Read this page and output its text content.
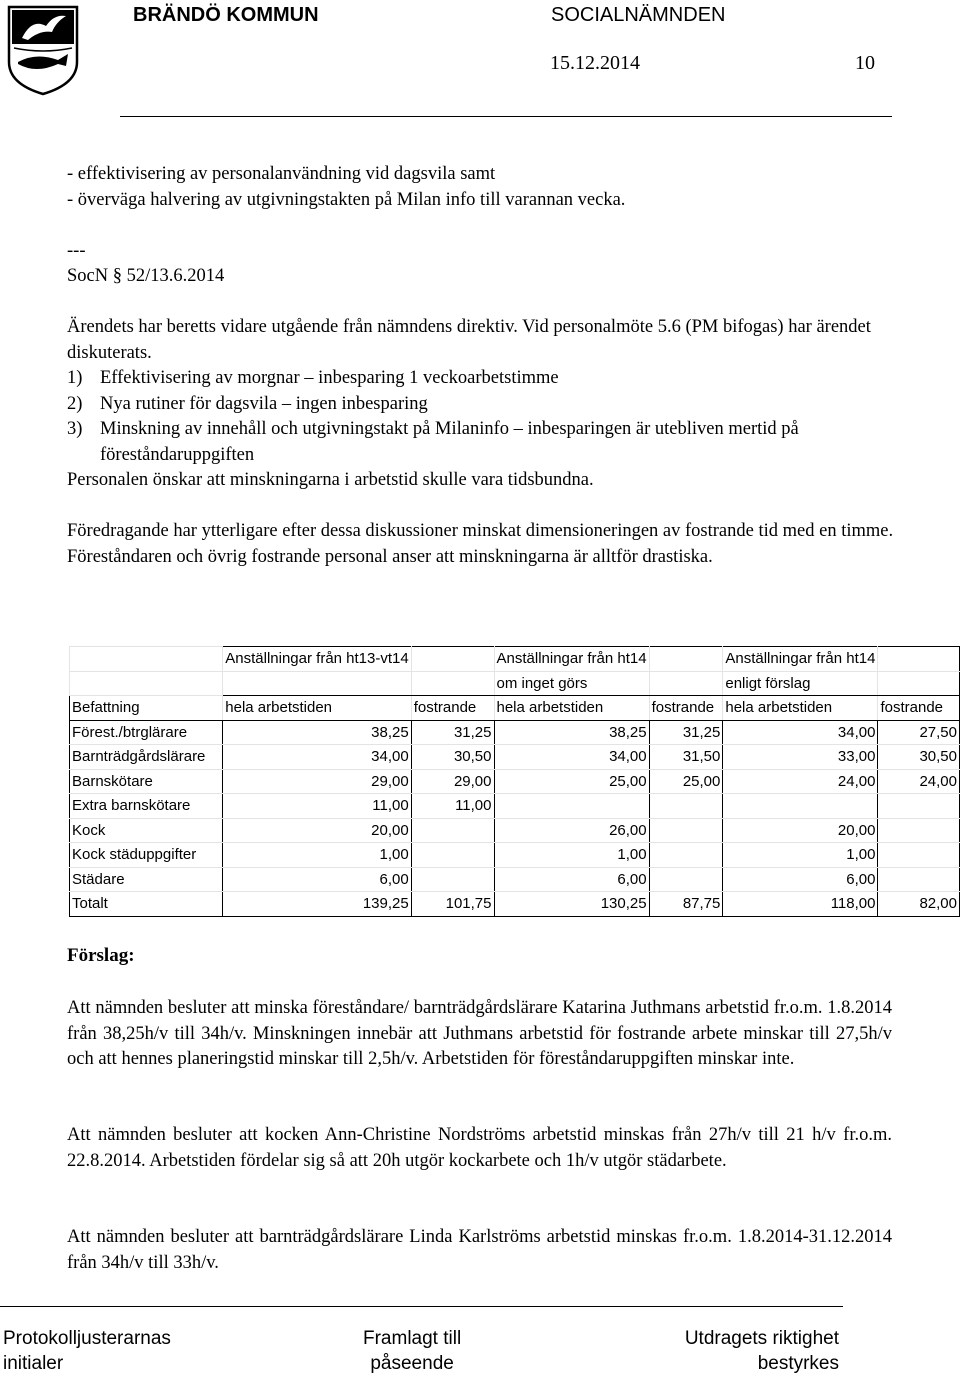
BRÄNDÖ KOMMUN	SOCIALNÄMNDEN
15.12.2014	10
- effektivisering av personalanvändning vid dagsvila samt
- överväga halvering av utgivningstakten på Milan info till varannan vecka.
---
SocN § 52/13.6.2014
Ärendets har beretts vidare utgående från nämndens direktiv. Vid personalmöte 5.6 (PM bifogas) har ärendet diskuterats.
1) Effektivisering av morgnar – inbesparing 1 veckoarbetstimme
2) Nya rutiner för dagsvila – ingen inbesparing
3) Minskning av innehåll och utgivningstakt på Milaninfo – inbesparingen är utebliven mertid på föreståndaruppgiften
Personalen önskar att minskningarna i arbetstid skulle vara tidsbundna.
Föredragande har ytterligare efter dessa diskussioner minskat dimensioneringen av fostrande tid med en timme. Föreståndaren och övrig fostrande personal anser att minskningarna är alltför drastiska.
	Anställningar från ht13-vt14		Anställningar från ht14		Anställningar från ht14	
			om inget görs		enligt förslag	
Befattning	hela arbetstiden	fostrande	hela arbetstiden	fostrande	hela arbetstiden	fostrande
Förest./btrglärare	38,25	31,25	38,25	31,25	34,00	27,50
Barnträdgårdslärare	34,00	30,50	34,00	31,50	33,00	30,50
Barnskötare	29,00	29,00	25,00	25,00	24,00	24,00
Extra barnskötare	11,00	11,00				
Kock	20,00		26,00		20,00	
Kock städuppgifter	1,00		1,00		1,00	
Städare	6,00		6,00		6,00	
Totalt	139,25	101,75	130,25	87,75	118,00	82,00
Förslag:
Att nämnden besluter att minska föreståndare/ barnträdgårdslärare Katarina Juthmans arbetstid fr.o.m. 1.8.2014 från 38,25h/v till 34h/v. Minskningen innebär att Juthmans arbetstid för fostrande arbete minskar till 27,5h/v och att hennes planeringstid minskar till 2,5h/v. Arbetstiden för föreståndaruppgiften minskar inte.
Att nämnden besluter att kocken Ann-Christine Nordströms arbetstid minskas från 27h/v till 21 h/v fr.o.m. 22.8.2014. Arbetstiden fördelar sig så att 20h utgör kockarbete och 1h/v utgör städarbete.
Att nämnden besluter att barnträdgårdslärare Linda Karlströms arbetstid minskas fr.o.m. 1.8.2014-31.12.2014 från 34h/v till 33h/v.
Protokolljusterarnas
initialer
Framlagt till
påseende
Utdragets riktighet
bestyrkes
